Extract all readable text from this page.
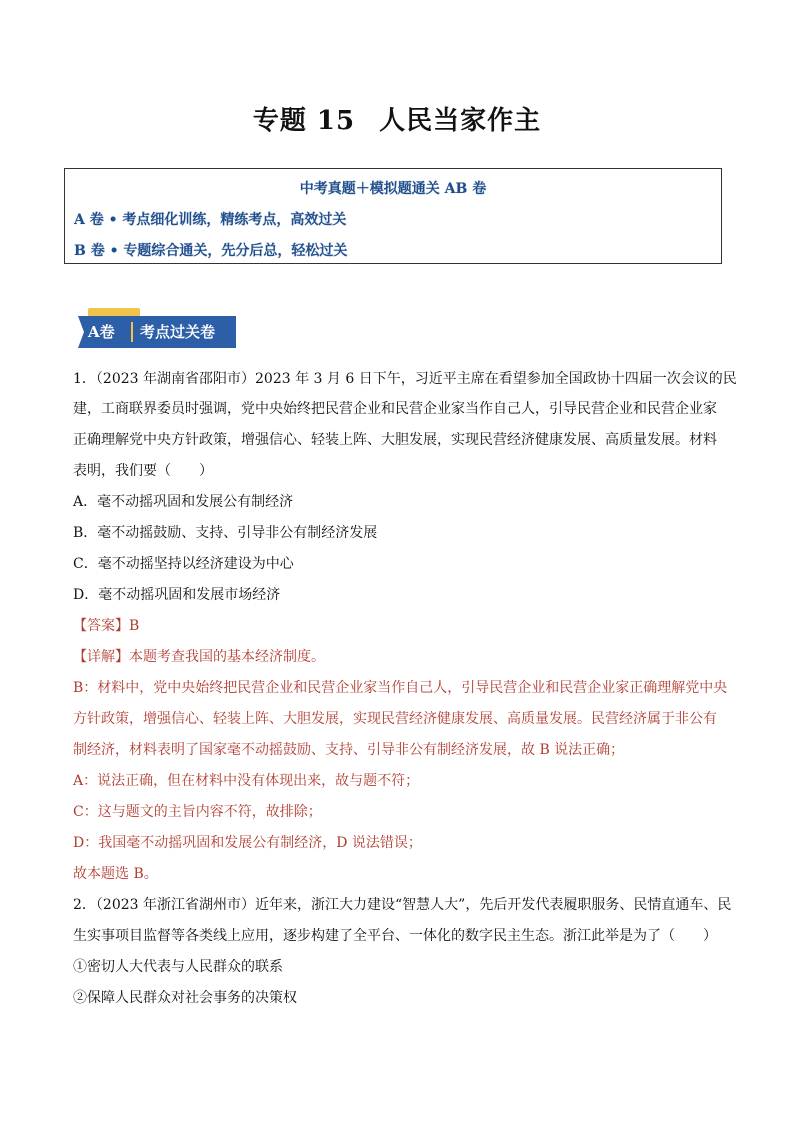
专题 15 人民当家作主
中考真题＋模拟题通关 AB 卷
A 卷 • 考点细化训练，精练考点，高效过关
B 卷 • 专题综合通关，先分后总，轻松过关
A卷 考点过关卷
1．（2023 年湖南省邵阳市）2023 年 3 月 6 日下午，习近平主席在看望参加全国政协十四届一次会议的民
建，工商联界委员时强调，党中央始终把民营企业和民营企业家当作自己人，引导民营企业和民营企业家
正确理解党中央方针政策，增强信心、轻装上阵、大胆发展，实现民营经济健康发展、高质量发展。材料
表明，我们要（　　）
A．毫不动摇巩固和发展公有制经济
B．毫不动摇鼓励、支持、引导非公有制经济发展
C．毫不动摇坚持以经济建设为中心
D．毫不动摇巩固和发展市场经济
【答案】B
【详解】本题考查我国的基本经济制度。
B：材料中，党中央始终把民营企业和民营企业家当作自己人，引导民营企业和民营企业家正确理解党中央
方针政策，增强信心、轻装上阵、大胆发展，实现民营经济健康发展、高质量发展。民营经济属于非公有
制经济，材料表明了国家毫不动摇鼓励、支持、引导非公有制经济发展，故 B 说法正确；
A：说法正确，但在材料中没有体现出来，故与题不符；
C：这与题文的主旨内容不符，故排除；
D：我国毫不动摇巩固和发展公有制经济，D 说法错误；
故本题选 B。
2．（2023 年浙江省湖州市）近年来，浙江大力建设“智慧人大”，先后开发代表履职服务、民情直通车、民
生实事项目监督等各类线上应用，逐步构建了全平台、一体化的数字民主生态。浙江此举是为了（　　）
①密切人大代表与人民群众的联系
②保障人民群众对社会事务的决策权
